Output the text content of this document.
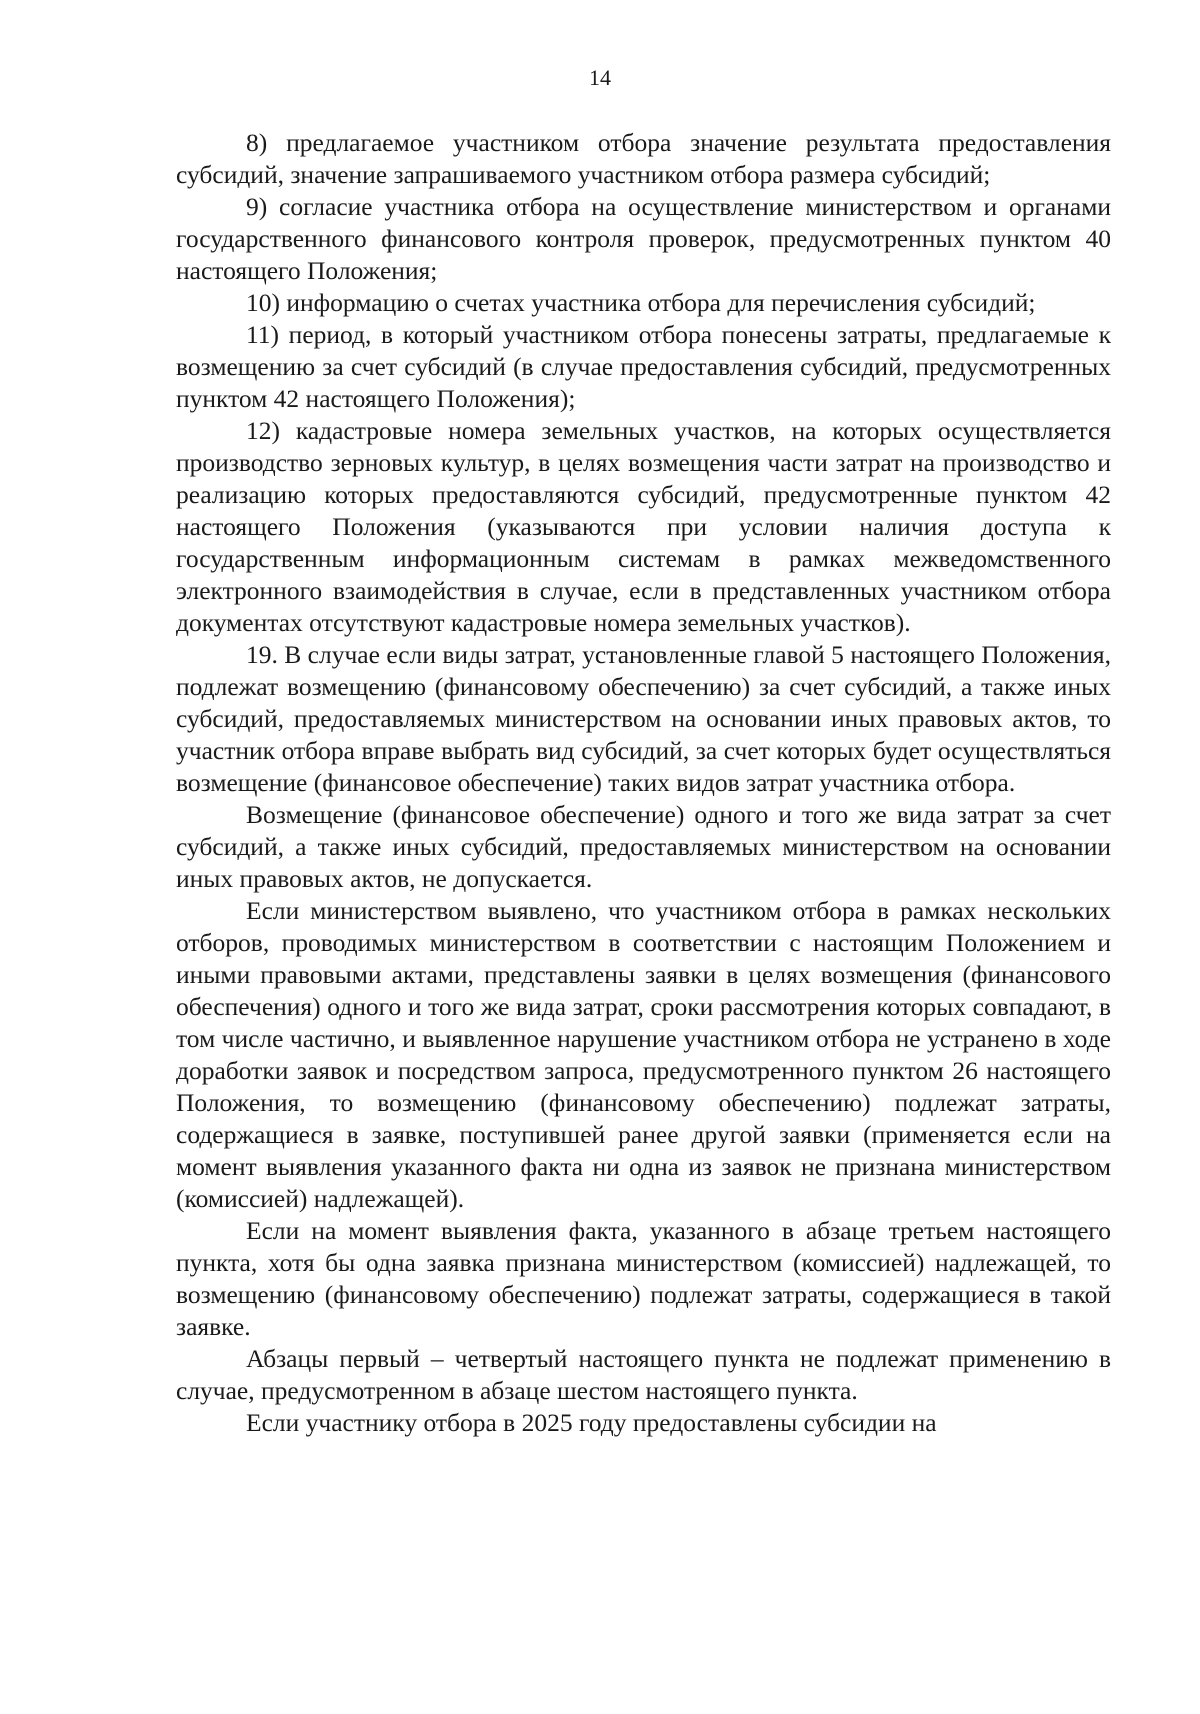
14

8) предлагаемое участником отбора значение результата предоставления субсидий, значение запрашиваемого участником отбора размера субсидий;

9) согласие участника отбора на осуществление министерством и органами государственного финансового контроля проверок, предусмотренных пунктом 40 настоящего Положения;

10) информацию о счетах участника отбора для перечисления субсидий;

11) период, в который участником отбора понесены затраты, предлагаемые к возмещению за счет субсидий (в случае предоставления субсидий, предусмотренных пунктом 42 настоящего Положения);

12) кадастровые номера земельных участков, на которых осуществляется производство зерновых культур, в целях возмещения части затрат на производство и реализацию которых предоставляются субсидий, предусмотренные пунктом 42 настоящего Положения (указываются при условии наличия доступа к государственным информационным системам в рамках межведомственного электронного взаимодействия в случае, если в представленных участником отбора документах отсутствуют кадастровые номера земельных участков).

19. В случае если виды затрат, установленные главой 5 настоящего Положения, подлежат возмещению (финансовому обеспечению) за счет субсидий, а также иных субсидий, предоставляемых министерством на основании иных правовых актов, то участник отбора вправе выбрать вид субсидий, за счет которых будет осуществляться возмещение (финансовое обеспечение) таких видов затрат участника отбора.

Возмещение (финансовое обеспечение) одного и того же вида затрат за счет субсидий, а также иных субсидий, предоставляемых министерством на основании иных правовых актов, не допускается.

Если министерством выявлено, что участником отбора в рамках нескольких отборов, проводимых министерством в соответствии с настоящим Положением и иными правовыми актами, представлены заявки в целях возмещения (финансового обеспечения) одного и того же вида затрат, сроки рассмотрения которых совпадают, в том числе частично, и выявленное нарушение участником отбора не устранено в ходе доработки заявок и посредством запроса, предусмотренного пунктом 26 настоящего Положения, то возмещению (финансовому обеспечению) подлежат затраты, содержащиеся в заявке, поступившей ранее другой заявки (применяется если на момент выявления указанного факта ни одна из заявок не признана министерством (комиссией) надлежащей).

Если на момент выявления факта, указанного в абзаце третьем настоящего пункта, хотя бы одна заявка признана министерством (комиссией) надлежащей, то возмещению (финансовому обеспечению) подлежат затраты, содержащиеся в такой заявке.

Абзацы первый – четвертый настоящего пункта не подлежат применению в случае, предусмотренном в абзаце шестом настоящего пункта.

Если участнику отбора в 2025 году предоставлены субсидии на
